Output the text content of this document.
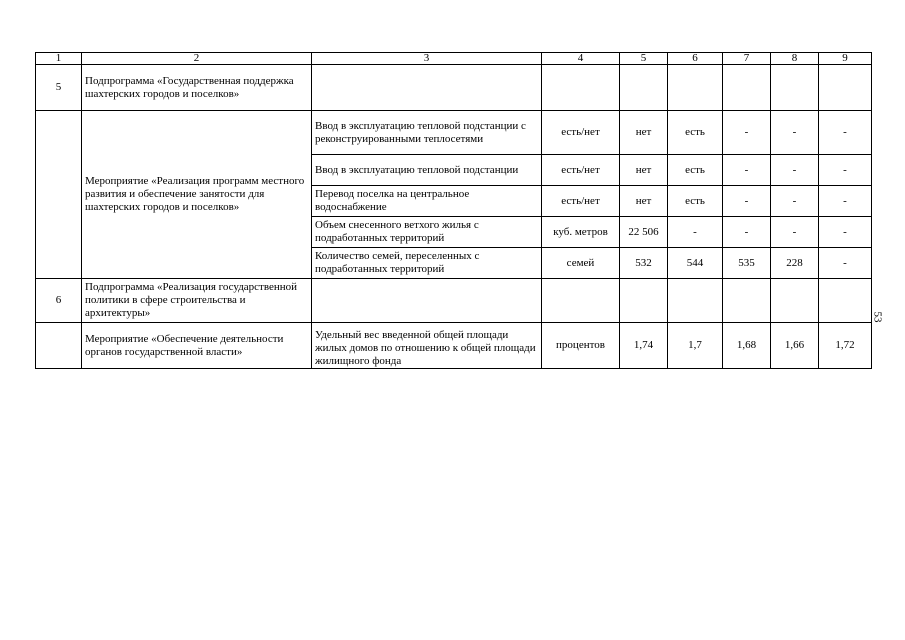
1	2	3	4	5	6	7	8	9
5	Подпрограмма «Государственная поддержка шахтерских городов и поселков»							
	Мероприятие «Реализация программ местного развития и обеспечение занятости для шахтерских городов и поселков»	Ввод в эксплуатацию тепловой подстанции с реконструированными теплосетями	есть/нет	нет	есть	-	-	-
		Ввод в эксплуатацию тепловой подстанции	есть/нет	нет	есть	-	-	-
		Перевод поселка на центральное водоснабжение	есть/нет	нет	есть	-	-	-
		Объем снесенного ветхого жилья с подработанных территорий	куб. метров	22 506	-	-	-	-
		Количество семей, переселенных с подработанных территорий	семей	532	544	535	228	-
6	Подпрограмма «Реализация государственной политики в сфере строительства и архитектуры»							
	Мероприятие «Обеспечение деятельности органов государственной власти»	Удельный вес введенной общей площади жилых домов по отношению к общей площади жилищного фонда	процентов	1,74	1,7	1,68	1,66	1,72
53
